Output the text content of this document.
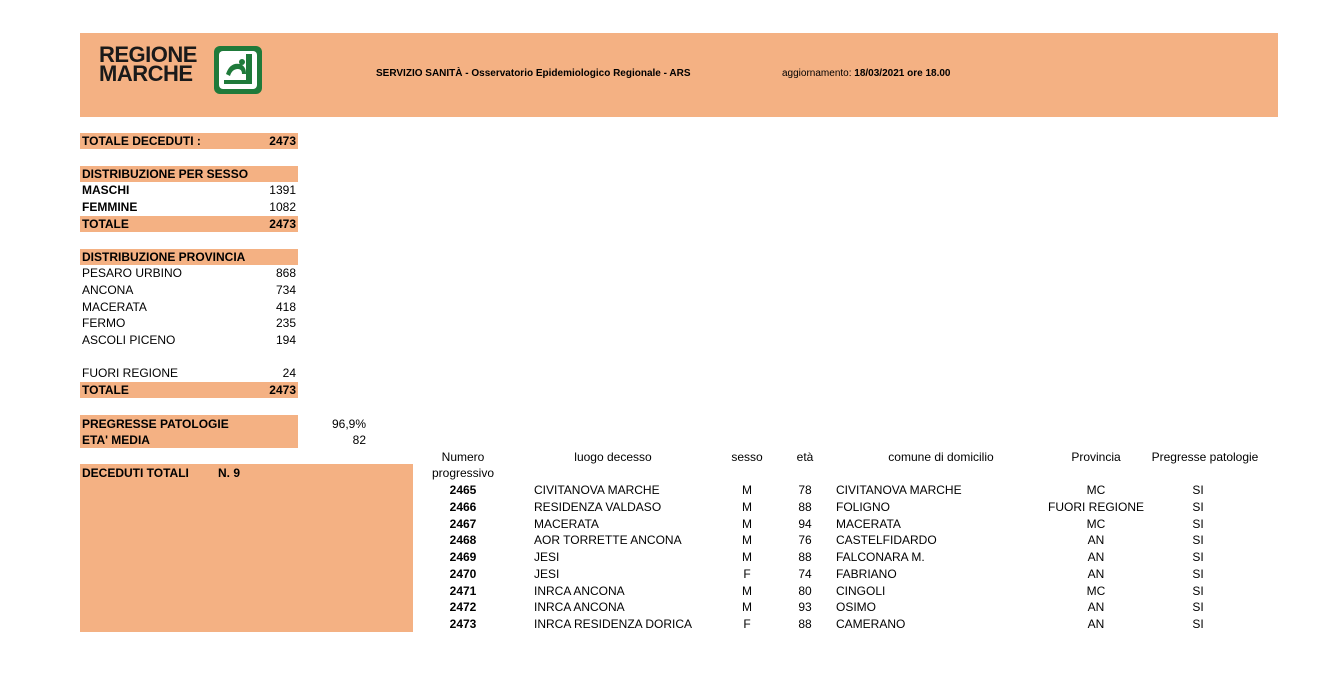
REGIONE
MARCHE	SERVIZIO SANITÀ - Osservatorio Epidemiologico Regionale - ARS	aggiornamento: 18/03/2021 ore 18.00
TOTALE DECEDUTI :	2473
DISTRIBUZIONE PER SESSO
MASCHI	1391
FEMMINE	1082
TOTALE	2473
DISTRIBUZIONE PROVINCIA
PESARO URBINO	868
ANCONA	734
MACERATA	418
FERMO	235
ASCOLI PICENO	194
FUORI REGIONE	24
TOTALE	2473
PREGRESSE PATOLOGIE	96,9%
ETA' MEDIA	82
DECEDUTI TOTALI N. 9
Numero
progressivo
luogo decesso	sesso	età	comune di domicilio	Provincia	Pregresse patologie
2465	CIVITANOVA MARCHE	M	78	CIVITANOVA MARCHE	MC	SI
2466	RESIDENZA VALDASO	M	88	FOLIGNO	FUORI REGIONE	SI
2467	MACERATA	M	94	MACERATA	MC	SI
2468	AOR TORRETTE ANCONA	M	76	CASTELFIDARDO	AN	SI
2469	JESI	M	88	FALCONARA M.	AN	SI
2470	JESI	F	74	FABRIANO	AN	SI
2471	INRCA ANCONA	M	80	CINGOLI	MC	SI
2472	INRCA ANCONA	M	93	OSIMO	AN	SI
2473	INRCA RESIDENZA DORICA	F	88	CAMERANO	AN	SI
